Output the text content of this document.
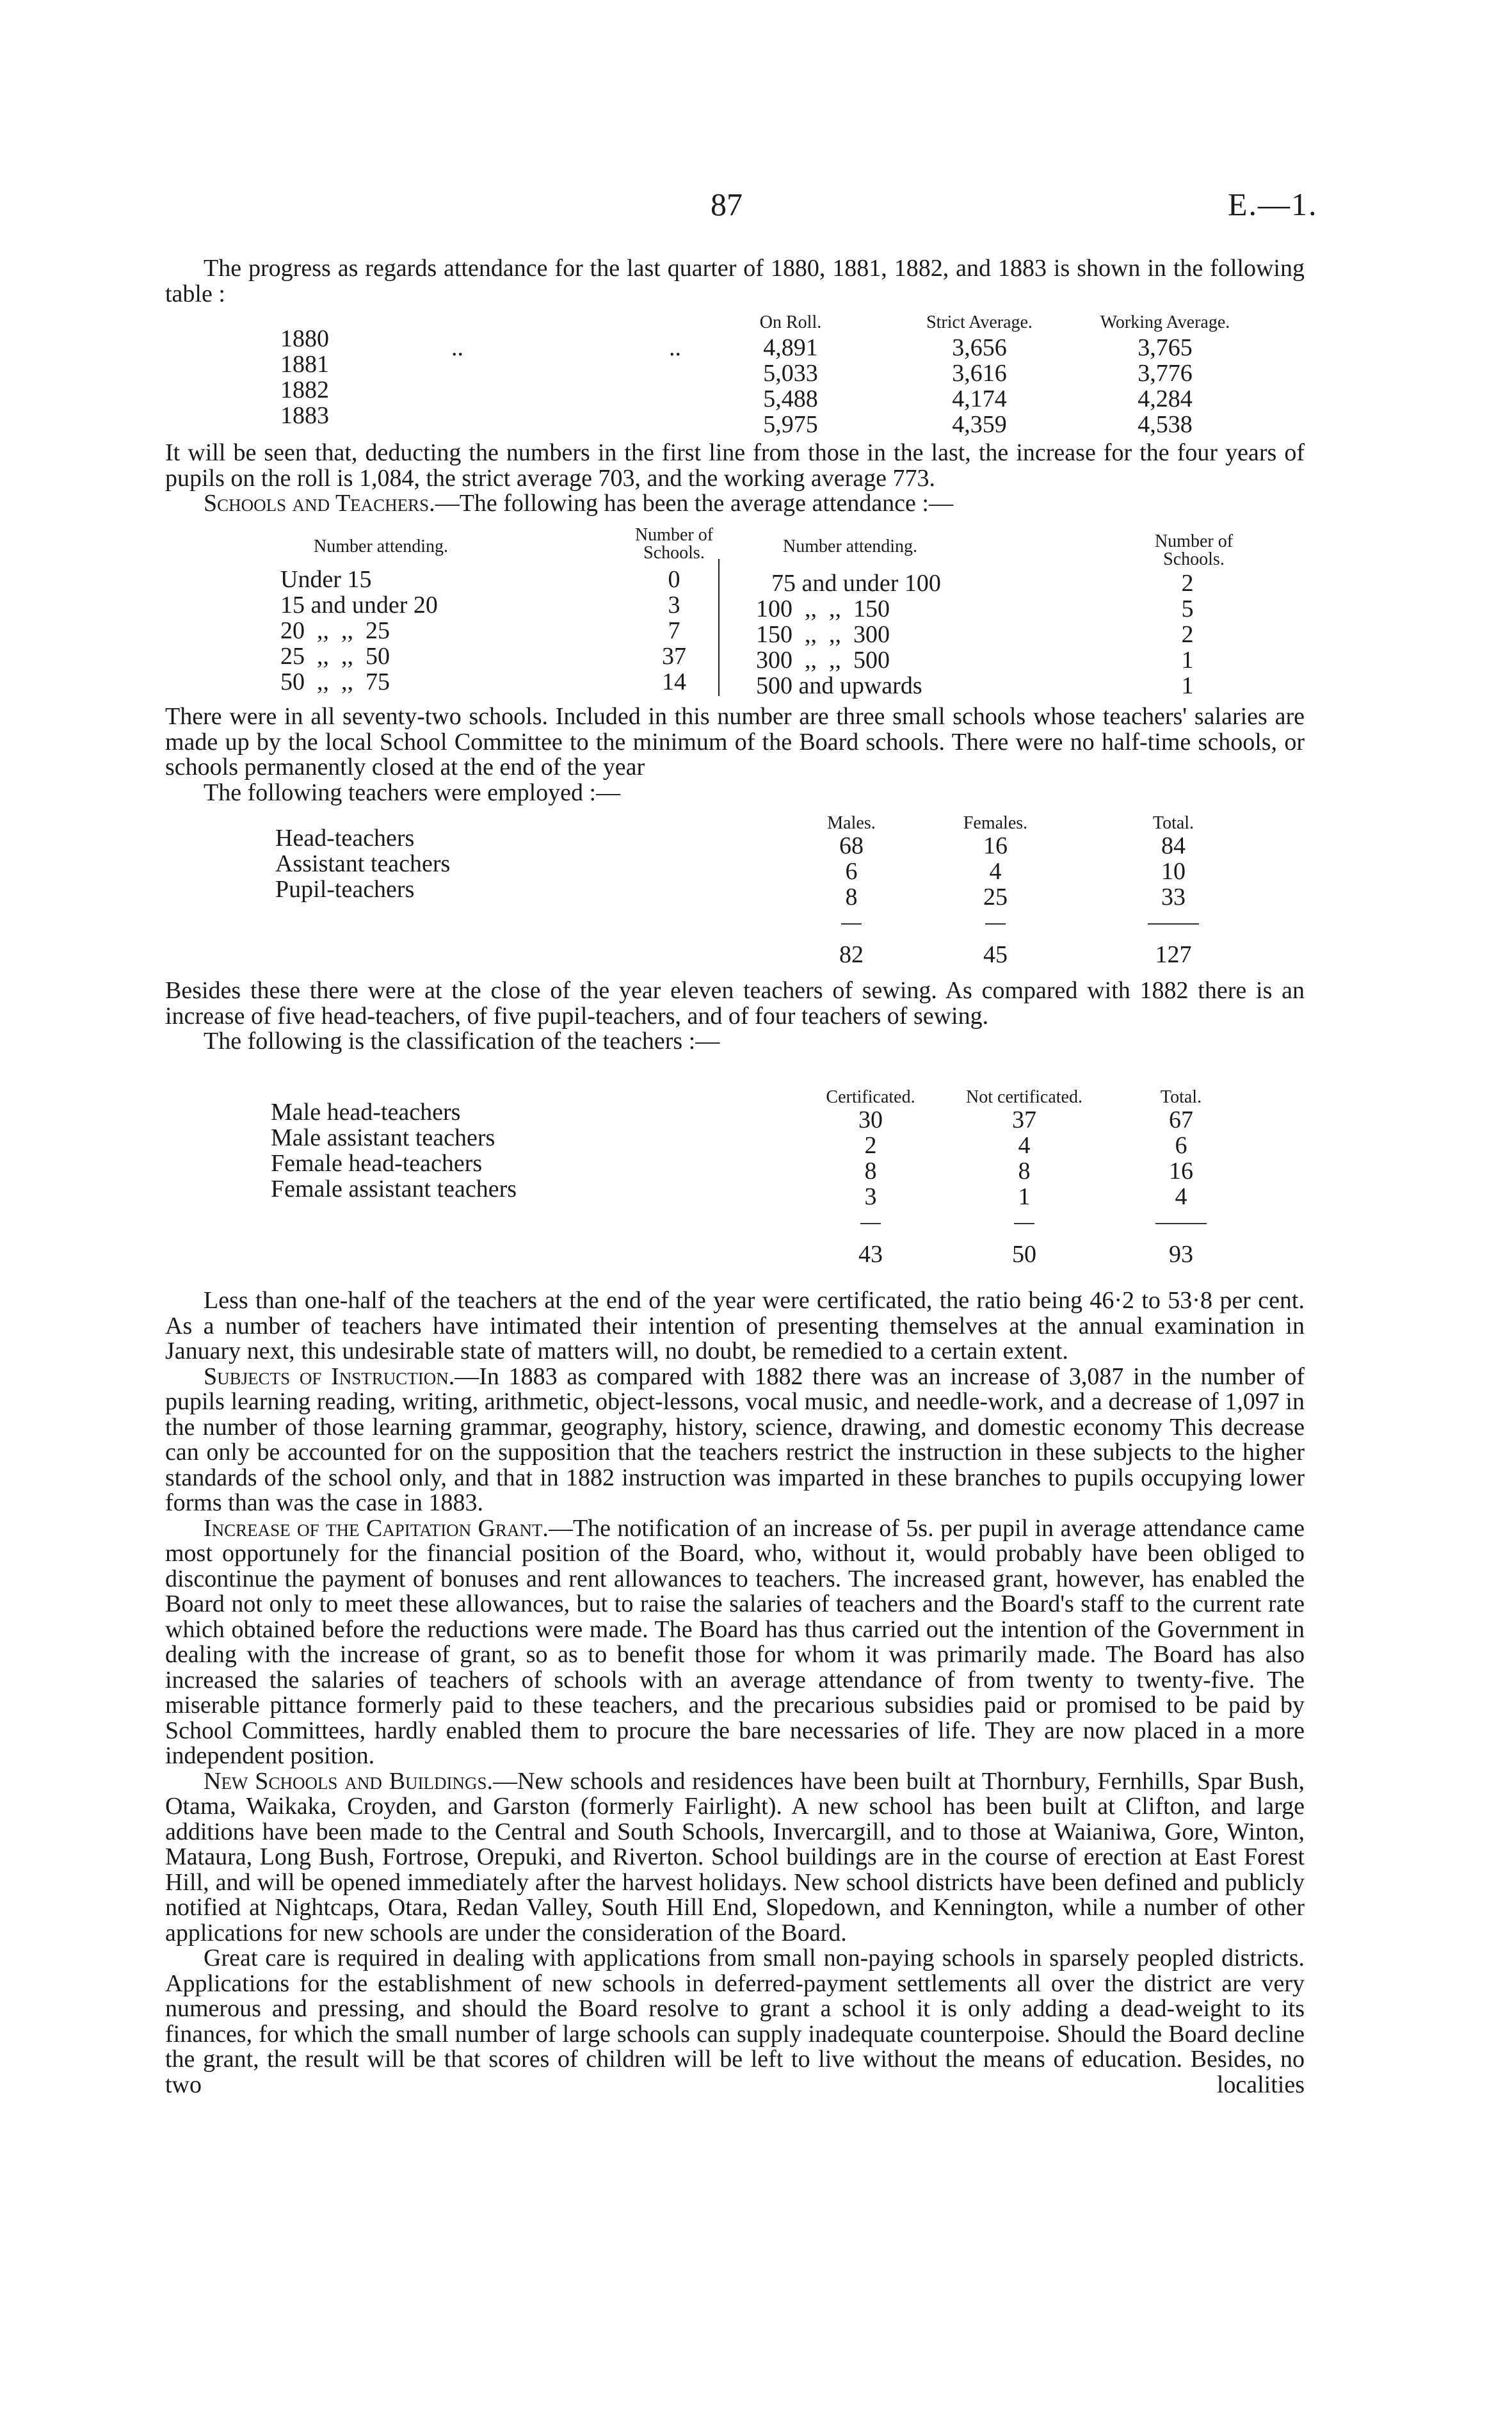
87	E.—1.

The progress as regards attendance for the last quarter of 1880, 1881, 1882, and 1883 is shown in the following table :

On Roll.	Strict Average.	Working Average.
1880	..	..	4,891	3,656	3,765
1881	5,033	3,616	3,776
1882	5,488	4,174	4,284
1883	5,975	4,359	4,538

It will be seen that, deducting the numbers in the first line from those in the last, the increase for the four years of pupils on the roll is 1,084, the strict average 703, and the working average 773.

Schools and Teachers.—The following has been the average attendance :—

Number attending.
Number of Schools.	Number attending.	Number of Schools.
Under 15	0	75 and under 100	2
15 and under 20	3	100  ,,  ,,  150	5
20  ,,  ,,  25	7	150  ,,  ,,  300	2
25  ,,  ,,  50	37	300  ,,  ,,  500	1
50  ,,  ,,  75	14	500 and upwards	1

There were in all seventy-two schools. Included in this number are three small schools whose teachers' salaries are made up by the local School Committee to the minimum of the Board schools. There were no half-time schools, or schools permanently closed at the end of the year

The following teachers were employed :—

Males.	Females.	Total.
Head-teachers	68	16	84
Assistant teachers	6	4	10
Pupil-teachers	8	25	33
82	45	127

Besides these there were at the close of the year eleven teachers of sewing. As compared with 1882 there is an increase of five head-teachers, of five pupil-teachers, and of four teachers of sewing.

The following is the classification of the teachers :—

Certificated.	Not certificated.	Total.
Male head-teachers	30	37	67
Male assistant teachers	2	4	6
Female head-teachers	8	8	16
Female assistant teachers	3	1	4
43	50	93

Less than one-half of the teachers at the end of the year were certificated, the ratio being 46·2 to 53·8 per cent. As a number of teachers have intimated their intention of presenting themselves at the annual examination in January next, this undesirable state of matters will, no doubt, be remedied to a certain extent.

Subjects of Instruction.—In 1883 as compared with 1882 there was an increase of 3,087 in the number of pupils learning reading, writing, arithmetic, object-lessons, vocal music, and needle-work, and a decrease of 1,097 in the number of those learning grammar, geography, history, science, drawing, and domestic economy This decrease can only be accounted for on the supposition that the teachers restrict the instruction in these subjects to the higher standards of the school only, and that in 1882 instruction was imparted in these branches to pupils occupying lower forms than was the case in 1883.

Increase of the Capitation Grant.—The notification of an increase of 5s. per pupil in average attendance came most opportunely for the financial position of the Board, who, without it, would probably have been obliged to discontinue the payment of bonuses and rent allowances to teachers. The increased grant, however, has enabled the Board not only to meet these allowances, but to raise the salaries of teachers and the Board's staff to the current rate which obtained before the reductions were made. The Board has thus carried out the intention of the Government in dealing with the increase of grant, so as to benefit those for whom it was primarily made. The Board has also increased the salaries of teachers of schools with an average attendance of from twenty to twenty-five. The miserable pittance formerly paid to these teachers, and the precarious subsidies paid or promised to be paid by School Committees, hardly enabled them to procure the bare necessaries of life. They are now placed in a more independent position.

New Schools and Buildings.—New schools and residences have been built at Thornbury, Fernhills, Spar Bush, Otama, Waikaka, Croyden, and Garston (formerly Fairlight). A new school has been built at Clifton, and large additions have been made to the Central and South Schools, Invercargill, and to those at Waianiwa, Gore, Winton, Mataura, Long Bush, Fortrose, Orepuki, and Riverton. School buildings are in the course of erection at East Forest Hill, and will be opened immediately after the harvest holidays. New school districts have been defined and publicly notified at Nightcaps, Otara, Redan Valley, South Hill End, Slopedown, and Kennington, while a number of other applications for new schools are under the consideration of the Board.

Great care is required in dealing with applications from small non-paying schools in sparsely peopled districts. Applications for the establishment of new schools in deferred-payment settlements all over the district are very numerous and pressing, and should the Board resolve to grant a school it is only adding a dead-weight to its finances, for which the small number of large schools can supply inadequate counterpoise. Should the Board decline the grant, the result will be that scores of children will be left to live without the means of education. Besides, no two localities
